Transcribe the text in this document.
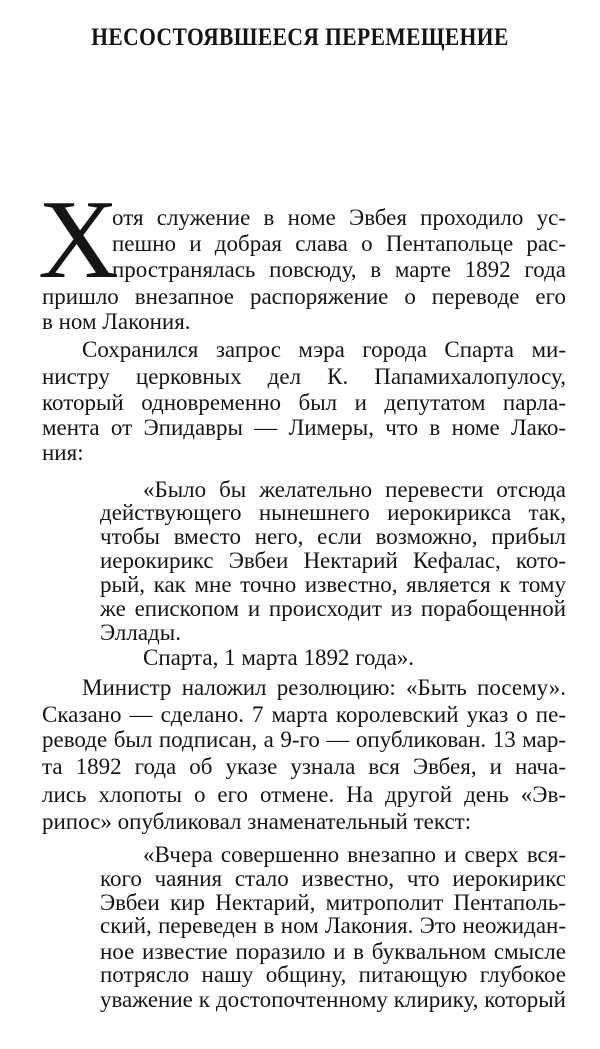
НЕСОСТОЯВШЕЕСЯ ПЕРЕМЕЩЕНИЕ
Х
отя служение в номе Эвбея проходило ус-
пешно и добрая слава о Пентапольце рас-
пространялась повсюду, в марте 1892 года
пришло внезапное распоряжение о переводе его
в ном Лакония.
Сохранился запрос мэра города Спарта ми-
нистру церковных дел К. Папамихалопулосу,
который одновременно был и депутатом парла-
мента от Эпидавры — Лимеры, что в номе Лако-
ния:
«Было бы желательно перевести отсюда
действующего нынешнего иерокирикса так,
чтобы вместо него, если возможно, прибыл
иерокирикс Эвбеи Нектарий Кефалас, кото-
рый, как мне точно известно, является к тому
же епископом и происходит из порабощенной
Эллады.
Спарта, 1 марта 1892 года».
Министр наложил резолюцию: «Быть посему».
Сказано — сделано. 7 марта королевский указ о пе-
реводе был подписан, а 9-го — опубликован. 13 мар-
та 1892 года об указе узнала вся Эвбея, и нача-
лись хлопоты о его отмене. На другой день «Эв-
рипос» опубликовал знаменательный текст:
«Вчера совершенно внезапно и сверх вся-
кого чаяния стало известно, что иерокирикс
Эвбеи кир Нектарий, митрополит Пентаполь-
ский, переведен в ном Лакония. Это неожидан-
ное известие поразило и в буквальном смысле
потрясло нашу общину, питающую глубокое
уважение к достопочтенному клирику, который
